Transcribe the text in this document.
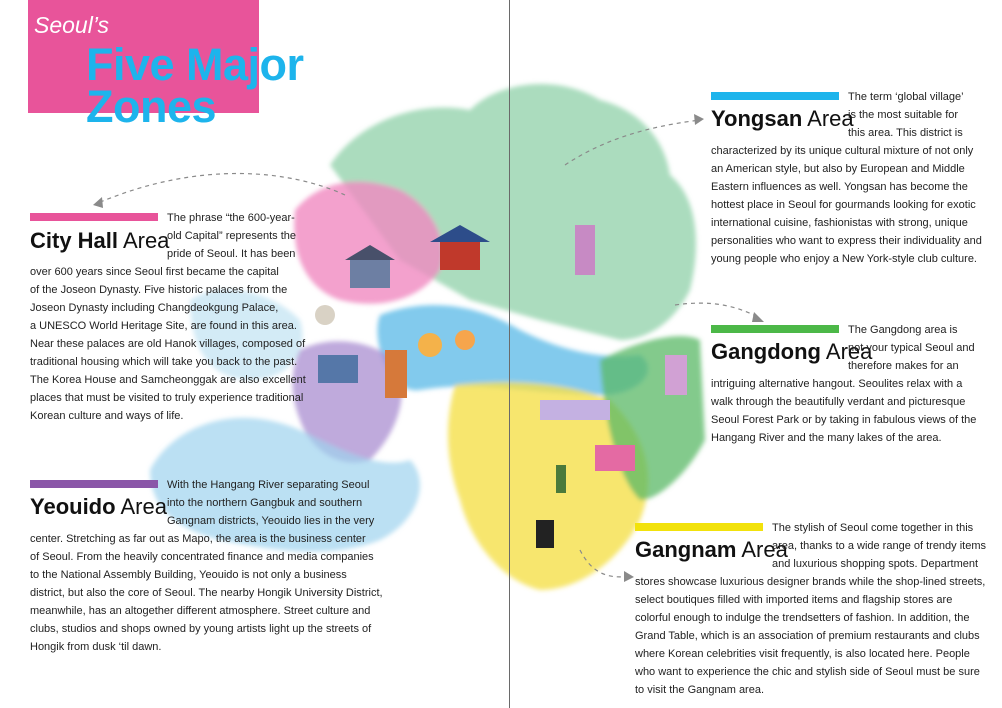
Seoul’s
Five Major
Zones
City Hall Area
The phrase “the 600-year-
old Capital” represents the
pride of Seoul. It has been
over 600 years since Seoul first became the capital
of the Joseon Dynasty. Five historic palaces from the
Joseon Dynasty including Changdeokgung Palace,
a UNESCO World Heritage Site, are found in this area.
Near these palaces are old Hanok villages, composed of
traditional housing which will take you back to the past.
The Korea House and Samcheonggak are also excellent
places that must be visited to truly experience traditional
Korean culture and ways of life.
Yeouido Area
With the Hangang River separating Seoul
into the northern Gangbuk and southern
Gangnam districts, Yeouido lies in the very
center. Stretching as far out as Mapo, the area is the business center
of Seoul. From the heavily concentrated finance and media companies
to the National Assembly Building, Yeouido is not only a business
district, but also the core of Seoul. The nearby Hongik University District,
meanwhile, has an altogether different atmosphere. Street culture and
clubs, studios and shops owned by young artists light up the streets of
Hongik from dusk ‘til dawn.
Yongsan Area
The term ‘global village’
is the most suitable for
this area. This district is
characterized by its unique cultural mixture of not only
an American style, but also by European and Middle
Eastern influences as well. Yongsan has become the
hottest place in Seoul for gourmands looking for exotic
international cuisine, fashionistas with strong, unique
personalities who want to express their individuality and
young people who enjoy a New York-style club culture.
Gangdong Area
The Gangdong area is
not your typical Seoul and
therefore makes for an
intriguing alternative hangout. Seoulites relax with a
walk through the beautifully verdant and picturesque
Seoul Forest Park or by taking in fabulous views of the
Hangang River and the many lakes of the area.
Gangnam Area
The stylish of Seoul come together in this
area, thanks to a wide range of trendy items
and luxurious shopping spots. Department
stores showcase luxurious designer brands while the shop-lined streets,
select boutiques filled with imported items and flagship stores are
colorful enough to indulge the trendsetters of fashion. In addition, the
Grand Table, which is an association of premium restaurants and clubs
where Korean celebrities visit frequently, is also located here. People
who want to experience the chic and stylish side of Seoul must be sure
to visit the Gangnam area.
